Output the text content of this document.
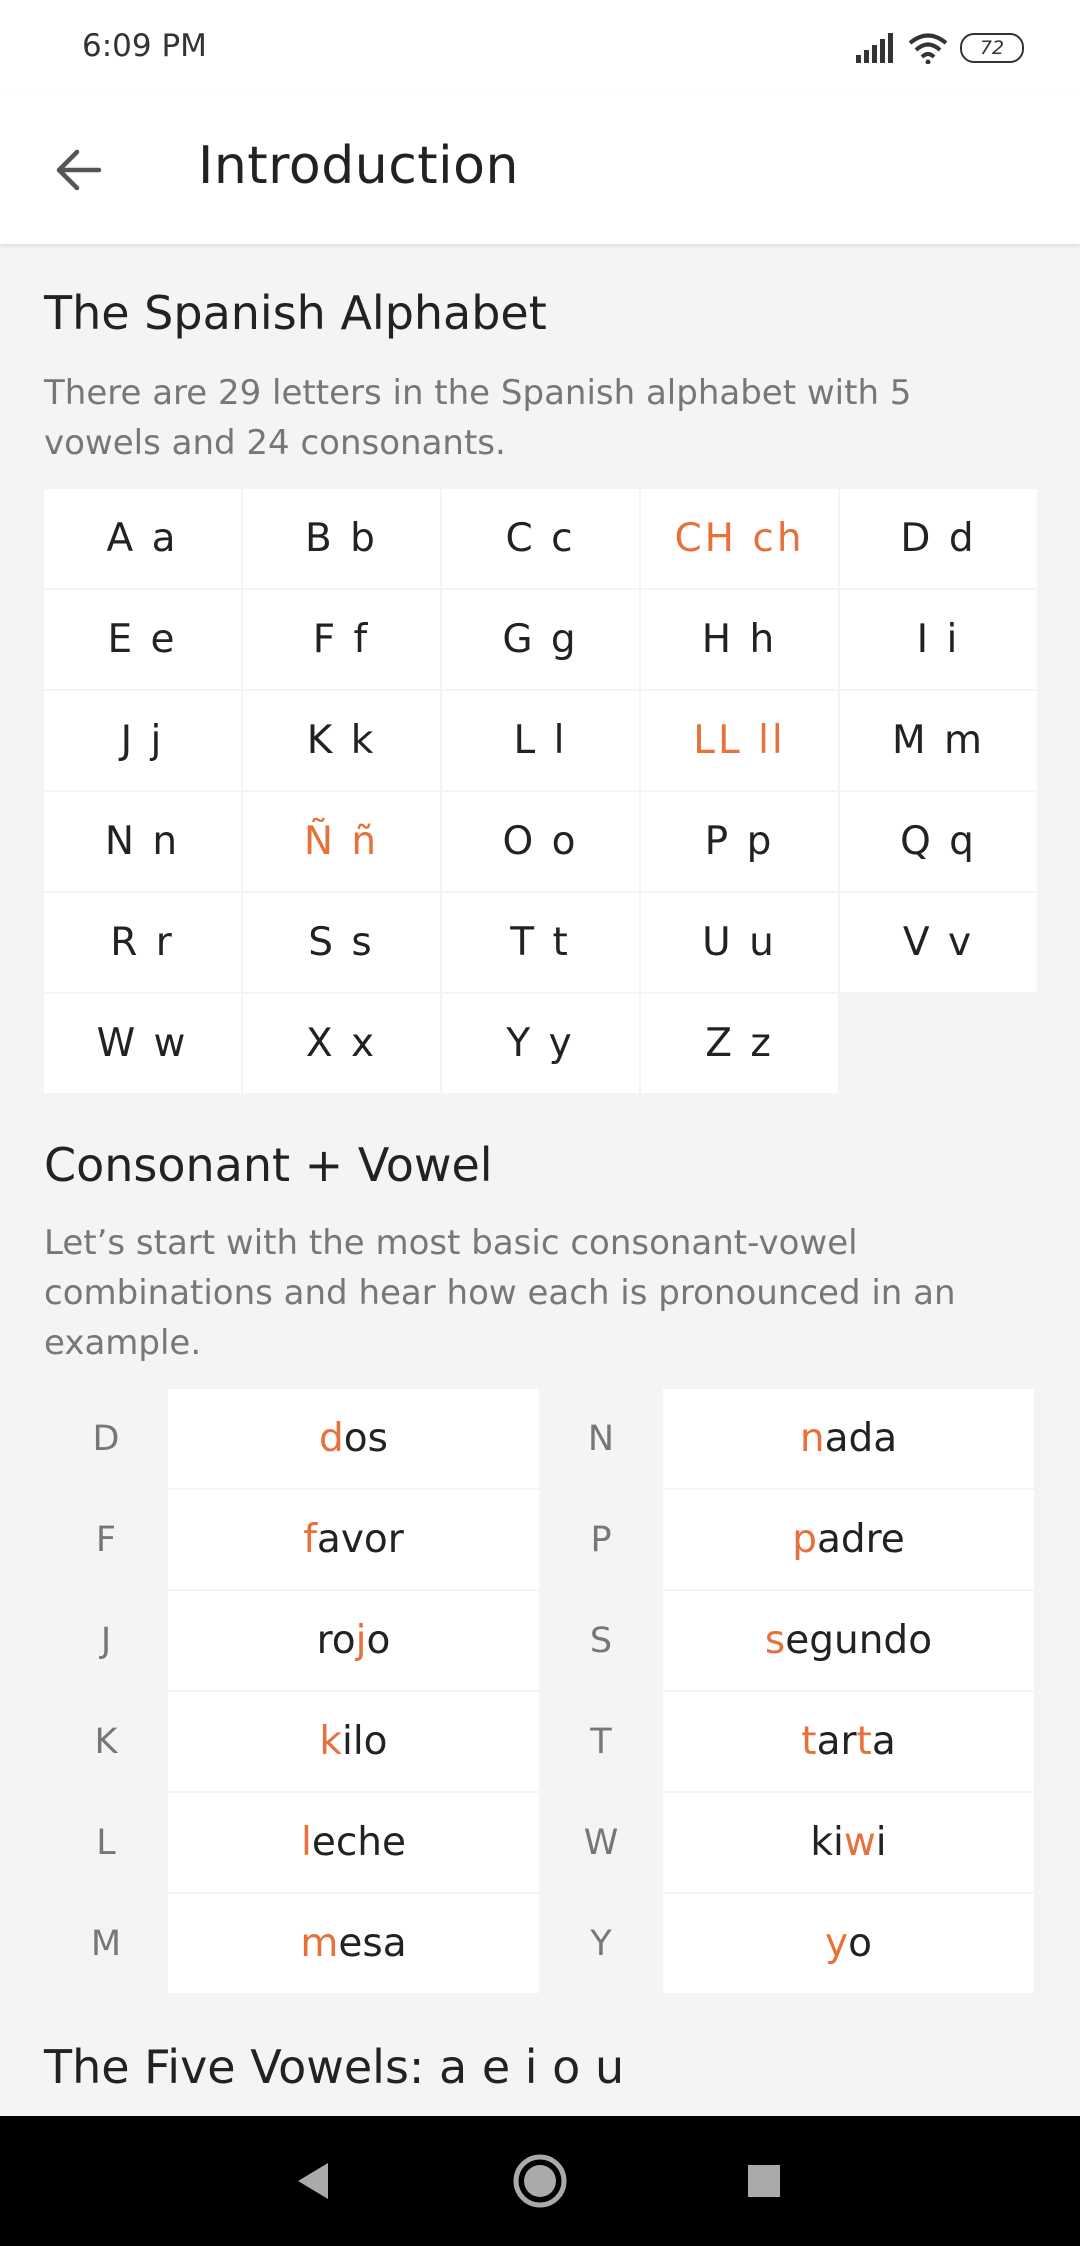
6:09 PM	72
Introduction
The Spanish Alphabet
There are 29 letters in the Spanish alphabet with 5 vowels and 24 consonants.
A a	B b	C c	CH ch	D d
E e	F f	G g	H h	I i
J j	K k	L l	LL ll	M m
N n	Ñ ñ	O o	P p	Q q
R r	S s	T t	U u	V v
W w	X x	Y y	Z z
Consonant + Vowel
Let’s start with the most basic consonant-vowel combinations and hear how each is pronounced in an example.
D	d os	N	n ada
F	f avor	P	p adre
J	ro j o	S	s egundo
K	k ilo	T	t ar t a
L	l eche	W	ki w i
M	m esa	Y	y o
The Five Vowels: a e i o u
